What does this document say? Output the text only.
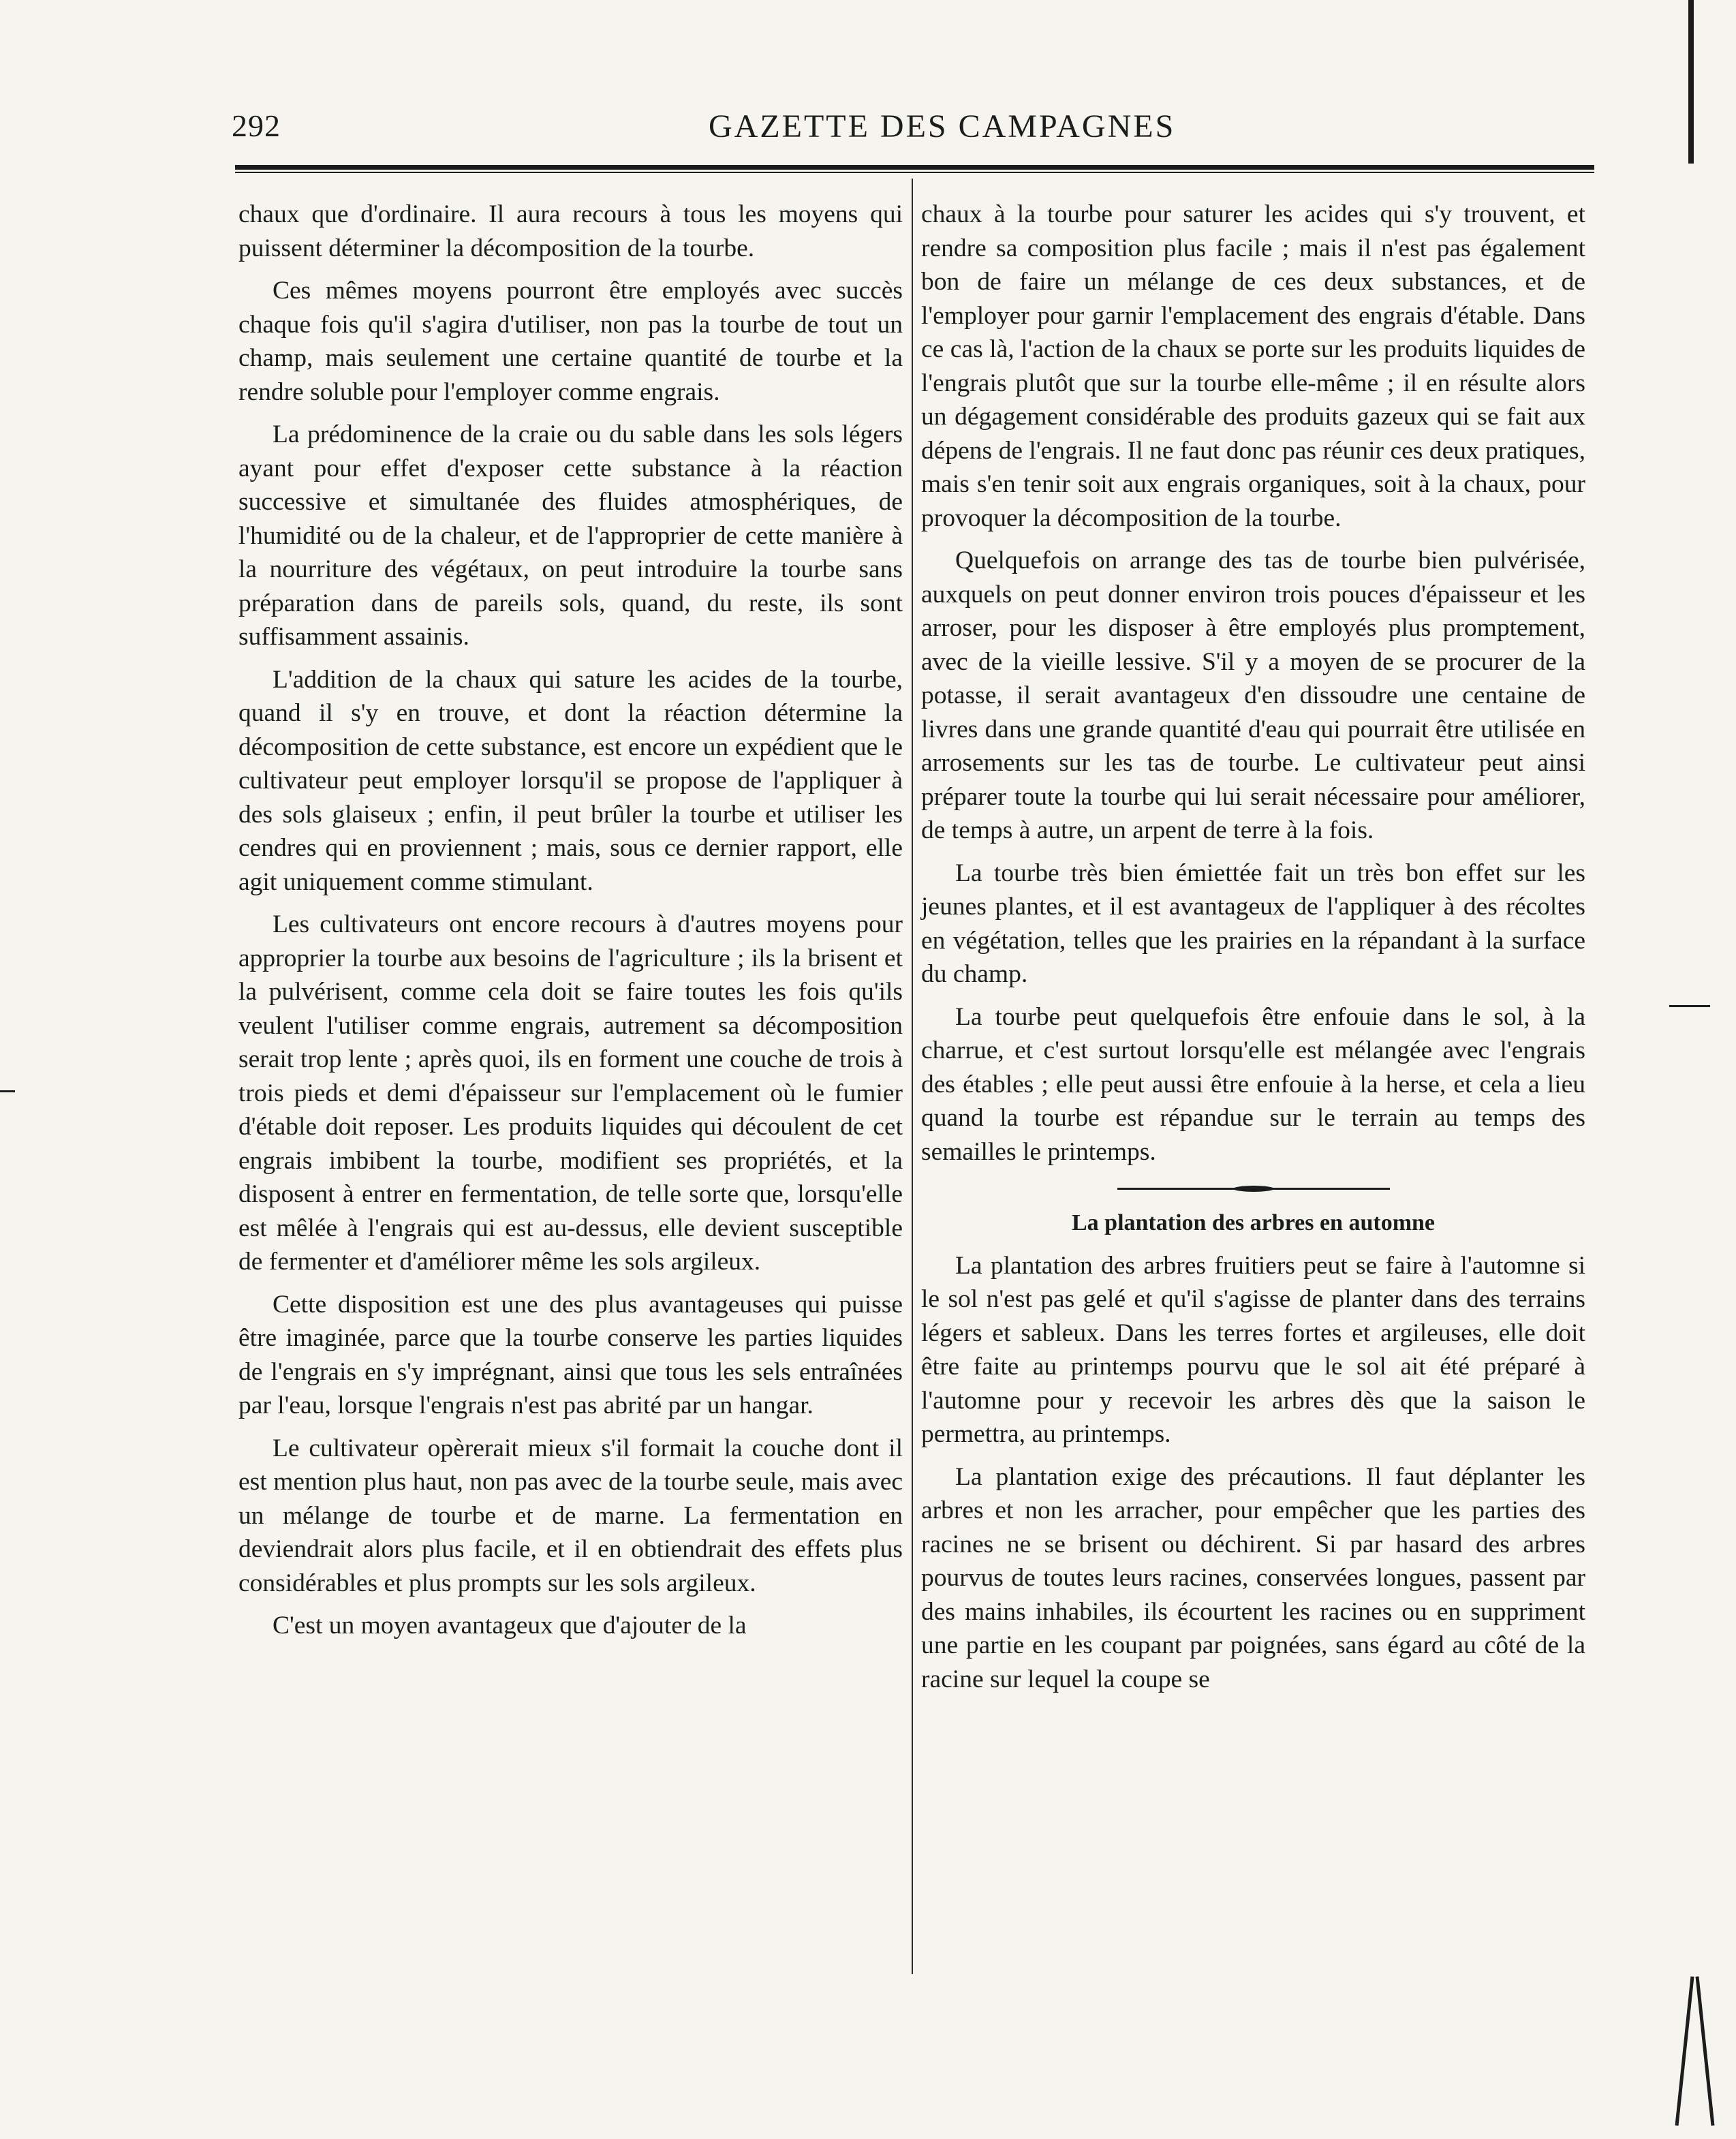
292	GAZETTE DES CAMPAGNES

chaux que d'ordinaire. Il aura recours à tous les moyens qui puissent déterminer la décomposition de la tourbe.

Ces mêmes moyens pourront être employés avec succès chaque fois qu'il s'agira d'utiliser, non pas la tourbe de tout un champ, mais seulement une certaine quantité de tourbe et la rendre soluble pour l'employer comme engrais.

La prédominence de la craie ou du sable dans les sols légers ayant pour effet d'exposer cette substance à la réaction successive et simultanée des fluides atmosphériques, de l'humidité ou de la chaleur, et de l'approprier de cette manière à la nourriture des végétaux, on peut introduire la tourbe sans préparation dans de pareils sols, quand, du reste, ils sont suffisamment assainis.

L'addition de la chaux qui sature les acides de la tourbe, quand il s'y en trouve, et dont la réaction détermine la décomposition de cette substance, est encore un expédient que le cultivateur peut employer lorsqu'il se propose de l'appliquer à des sols glaiseux ; enfin, il peut brûler la tourbe et utiliser les cendres qui en proviennent ; mais, sous ce dernier rapport, elle agit uniquement comme stimulant.

Les cultivateurs ont encore recours à d'autres moyens pour approprier la tourbe aux besoins de l'agriculture ; ils la brisent et la pulvérisent, comme cela doit se faire toutes les fois qu'ils veulent l'utiliser comme engrais, autrement sa décomposition serait trop lente ; après quoi, ils en forment une couche de trois à trois pieds et demi d'épaisseur sur l'emplacement où le fumier d'étable doit reposer. Les produits liquides qui découlent de cet engrais imbibent la tourbe, modifient ses propriétés, et la disposent à entrer en fermentation, de telle sorte que, lorsqu'elle est mêlée à l'engrais qui est au-dessus, elle devient susceptible de fermenter et d'améliorer même les sols argileux.

Cette disposition est une des plus avantageuses qui puisse être imaginée, parce que la tourbe conserve les parties liquides de l'engrais en s'y imprégnant, ainsi que tous les sels entraînées par l'eau, lorsque l'engrais n'est pas abrité par un hangar.

Le cultivateur opèrerait mieux s'il formait la couche dont il est mention plus haut, non pas avec de la tourbe seule, mais avec un mélange de tourbe et de marne. La fermentation en deviendrait alors plus facile, et il en obtiendrait des effets plus considérables et plus prompts sur les sols argileux.

C'est un moyen avantageux que d'ajouter de la

chaux à la tourbe pour saturer les acides qui s'y trouvent, et rendre sa composition plus facile ; mais il n'est pas également bon de faire un mélange de ces deux substances, et de l'employer pour garnir l'emplacement des engrais d'étable. Dans ce cas là, l'action de la chaux se porte sur les produits liquides de l'engrais plutôt que sur la tourbe elle-même ; il en résulte alors un dégagement considérable des produits gazeux qui se fait aux dépens de l'engrais. Il ne faut donc pas réunir ces deux pratiques, mais s'en tenir soit aux engrais organiques, soit à la chaux, pour provoquer la décomposition de la tourbe.

Quelquefois on arrange des tas de tourbe bien pulvérisée, auxquels on peut donner environ trois pouces d'épaisseur et les arroser, pour les disposer à être employés plus promptement, avec de la vieille lessive. S'il y a moyen de se procurer de la potasse, il serait avantageux d'en dissoudre une centaine de livres dans une grande quantité d'eau qui pourrait être utilisée en arrosements sur les tas de tourbe. Le cultivateur peut ainsi préparer toute la tourbe qui lui serait nécessaire pour améliorer, de temps à autre, un arpent de terre à la fois.

La tourbe très bien émiettée fait un très bon effet sur les jeunes plantes, et il est avantageux de l'appliquer à des récoltes en végétation, telles que les prairies en la répandant à la surface du champ.

La tourbe peut quelquefois être enfouie dans le sol, à la charrue, et c'est surtout lorsqu'elle est mélangée avec l'engrais des étables ; elle peut aussi être enfouie à la herse, et cela a lieu quand la tourbe est répandue sur le terrain au temps des semailles le printemps.

La plantation des arbres en automne

La plantation des arbres fruitiers peut se faire à l'automne si le sol n'est pas gelé et qu'il s'agisse de planter dans des terrains légers et sableux. Dans les terres fortes et argileuses, elle doit être faite au printemps pourvu que le sol ait été préparé à l'automne pour y recevoir les arbres dès que la saison le permettra, au printemps.

La plantation exige des précautions. Il faut déplanter les arbres et non les arracher, pour empêcher que les parties des racines ne se brisent ou déchirent. Si par hasard des arbres pourvus de toutes leurs racines, conservées longues, passent par des mains inhabiles, ils écourtent les racines ou en suppriment une partie en les coupant par poignées, sans égard au côté de la racine sur lequel la coupe se
